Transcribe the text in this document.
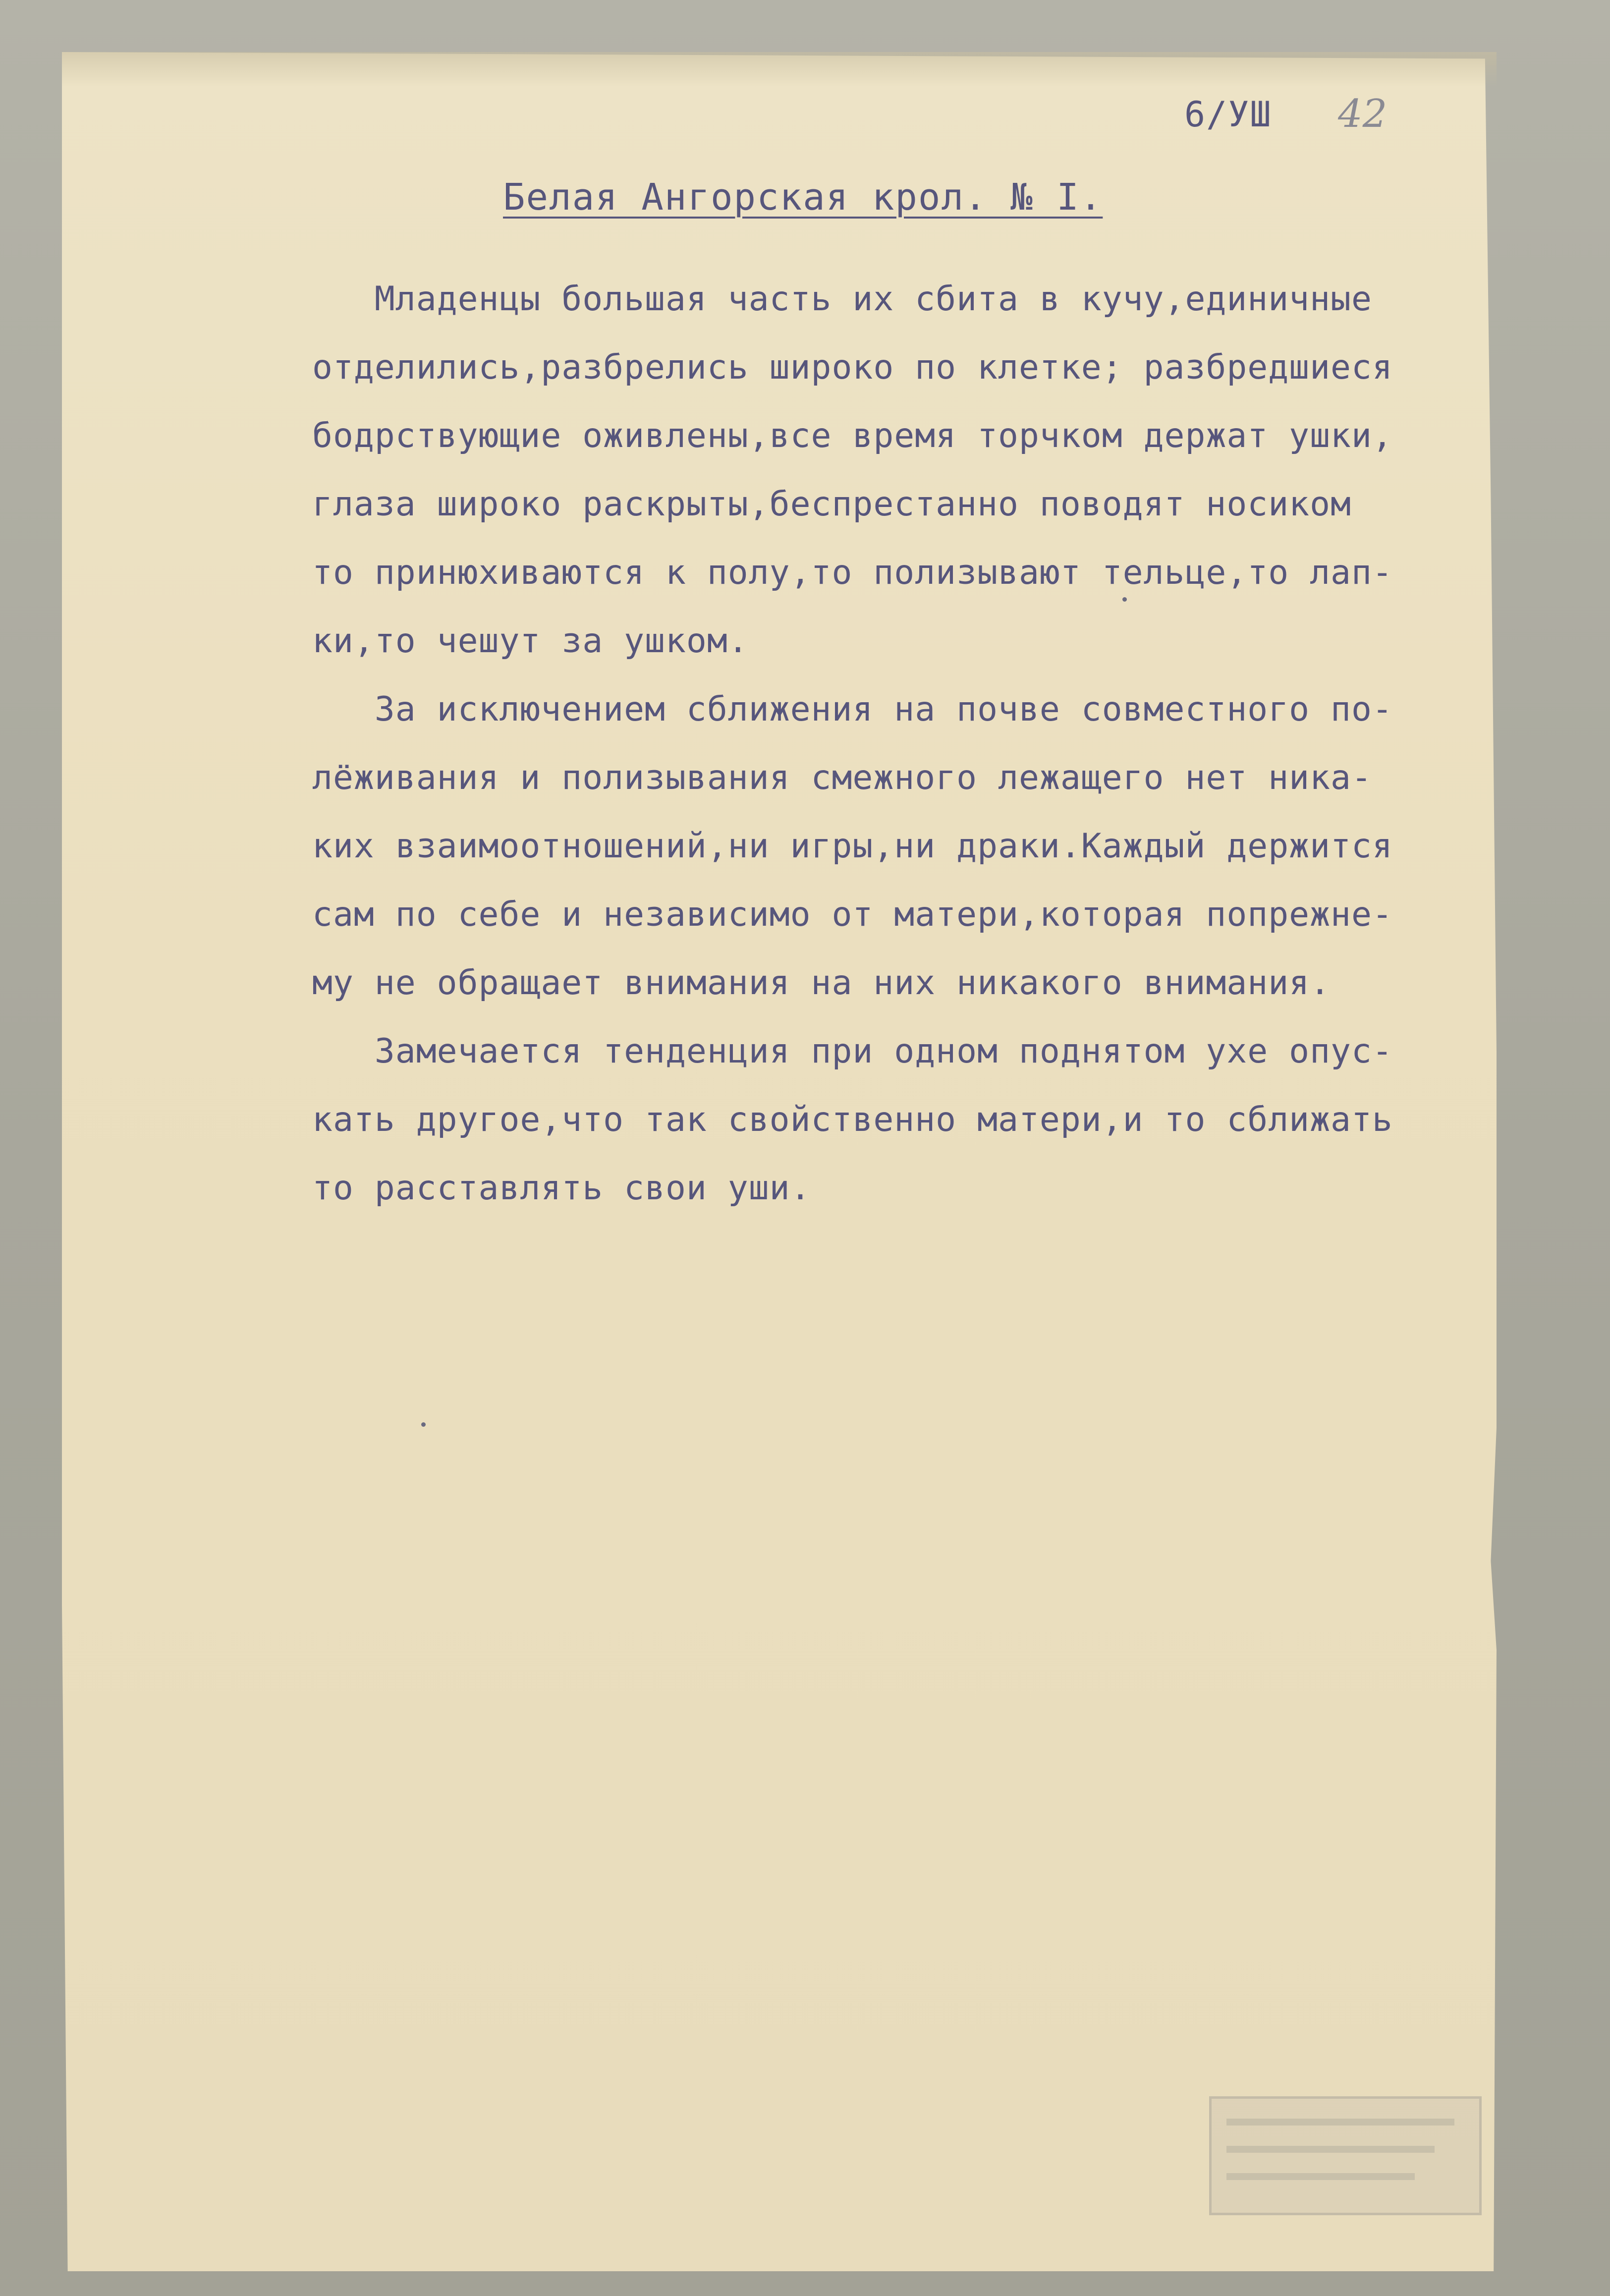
6/УШ 42
Белая Ангорская крол. № I.
Младенцы большая часть их сбита в кучу,единичные
отделились,разбрелись широко по клетке; разбредшиеся
бодрствующие оживлены,все время торчком держат ушки,
глаза широко раскрыты,беспрестанно поводят носиком
то принюхиваются к полу,то полизывают тельце,то лап-
ки,то чешут за ушком.
За исключением сближения на почве совместного по-
лёживания и полизывания смежного лежащего нет никa-
ких взаимоотношений,ни игры,ни драки.Каждый держится
сам по себе и независимо от матери,которая попрежне-
му не обращает внимания на них никакого внимания.
Замечается тенденция при одном поднятом ухе опус-
кать другое,что так свойственно матери,и то сближать
то расставлять свои уши.
